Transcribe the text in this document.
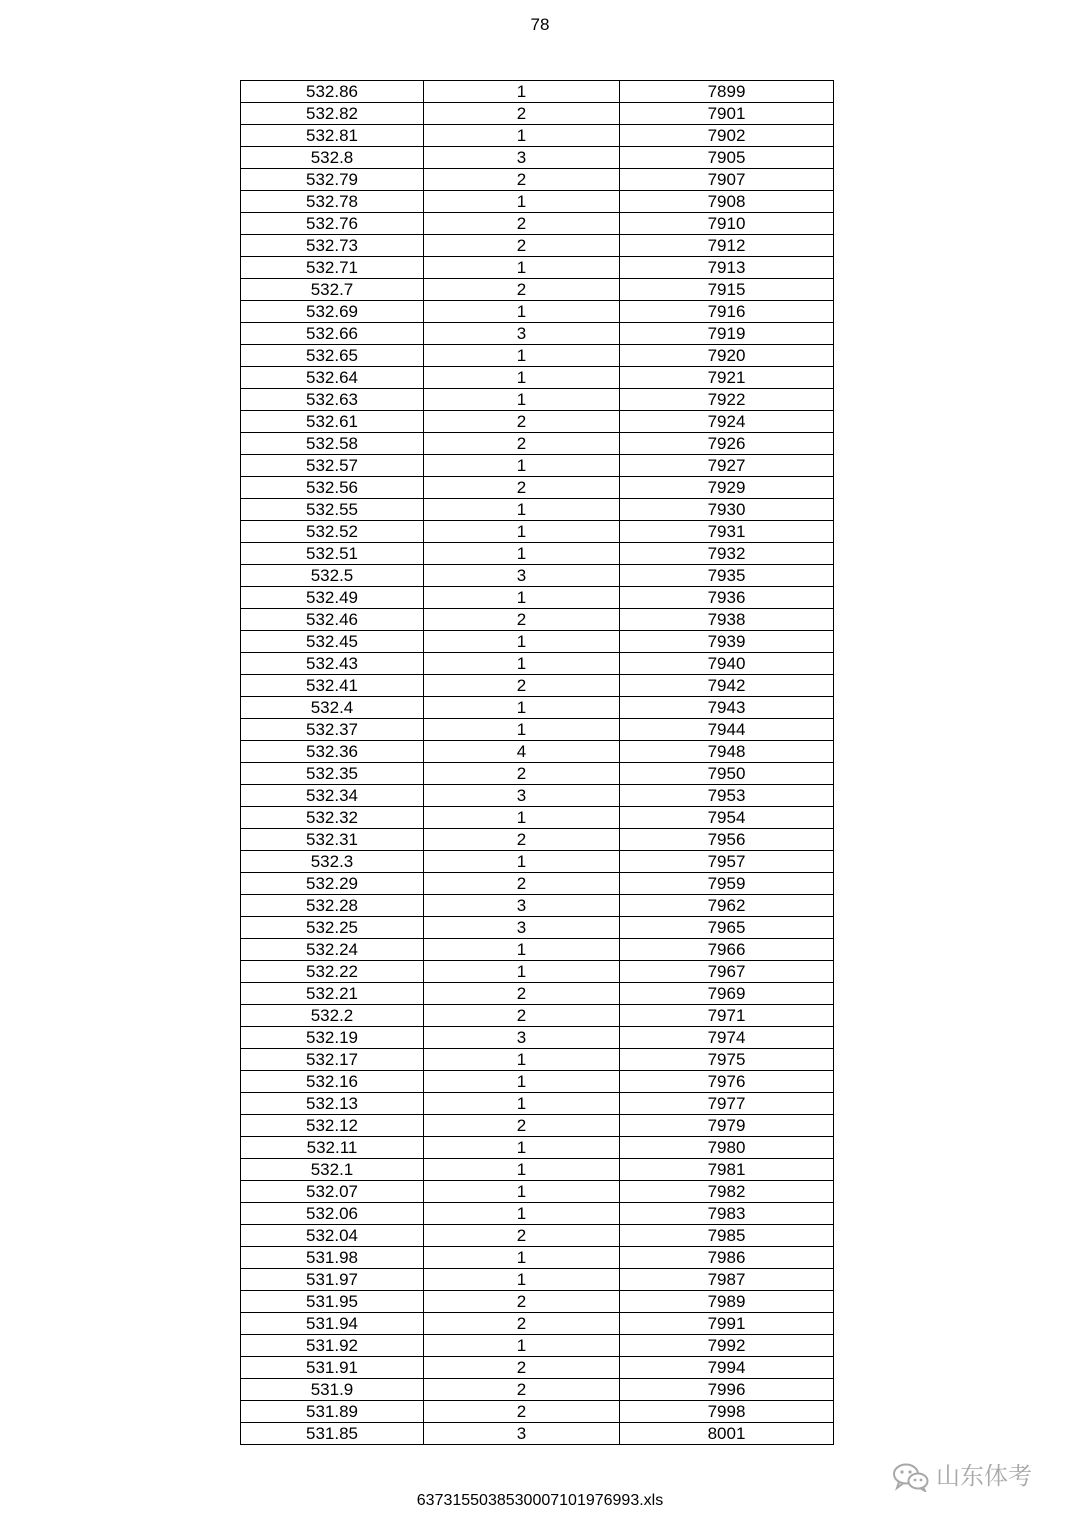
78
532.86	1	7899
532.82	2	7901
532.81	1	7902
532.8	3	7905
532.79	2	7907
532.78	1	7908
532.76	2	7910
532.73	2	7912
532.71	1	7913
532.7	2	7915
532.69	1	7916
532.66	3	7919
532.65	1	7920
532.64	1	7921
532.63	1	7922
532.61	2	7924
532.58	2	7926
532.57	1	7927
532.56	2	7929
532.55	1	7930
532.52	1	7931
532.51	1	7932
532.5	3	7935
532.49	1	7936
532.46	2	7938
532.45	1	7939
532.43	1	7940
532.41	2	7942
532.4	1	7943
532.37	1	7944
532.36	4	7948
532.35	2	7950
532.34	3	7953
532.32	1	7954
532.31	2	7956
532.3	1	7957
532.29	2	7959
532.28	3	7962
532.25	3	7965
532.24	1	7966
532.22	1	7967
532.21	2	7969
532.2	2	7971
532.19	3	7974
532.17	1	7975
532.16	1	7976
532.13	1	7977
532.12	2	7979
532.11	1	7980
532.1	1	7981
532.07	1	7982
532.06	1	7983
532.04	2	7985
531.98	1	7986
531.97	1	7987
531.95	2	7989
531.94	2	7991
531.92	1	7992
531.91	2	7994
531.9	2	7996
531.89	2	7998
531.85	3	8001
637315503853000710197699​3.xls
山东体考
